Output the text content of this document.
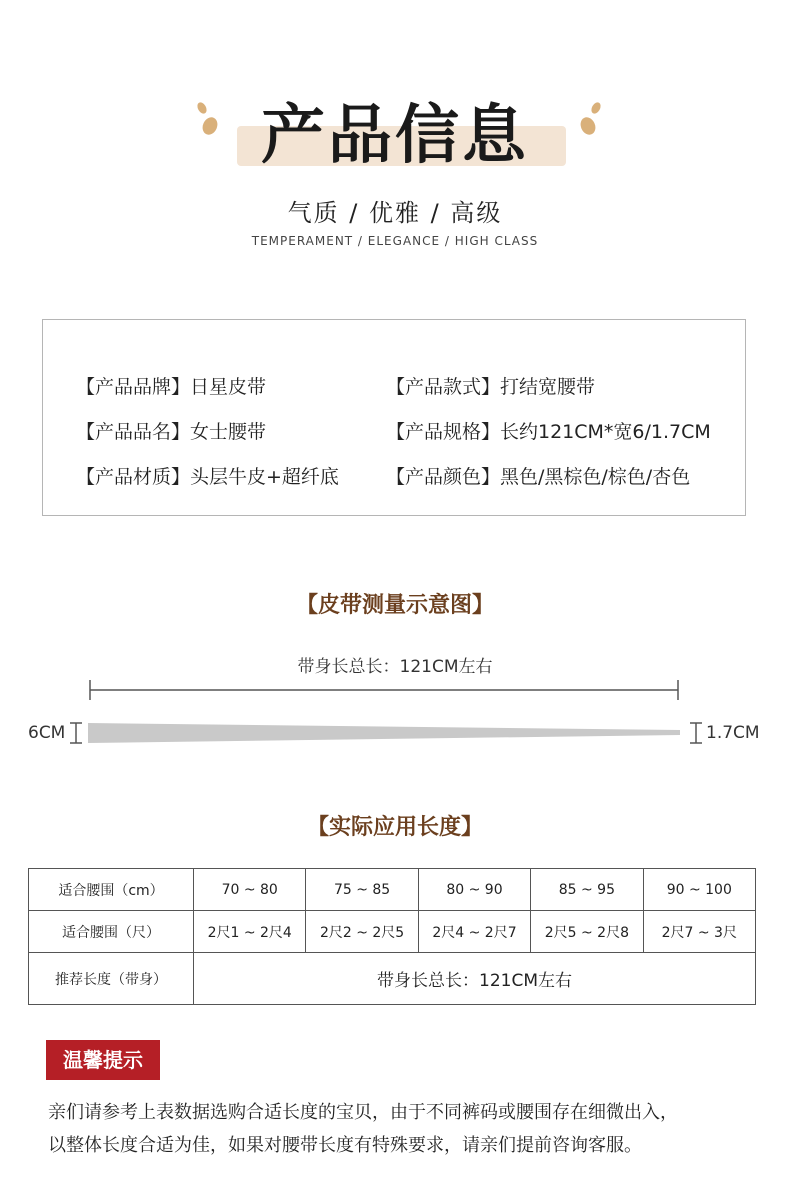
产品信息
气质 / 优雅 / 高级
TEMPERAMENT / ELEGANCE / HIGH CLASS
【产品品牌】日星皮带	【产品款式】打结宽腰带
【产品品名】女士腰带	【产品规格】长约121CM*宽6/1.7CM
【产品材质】头层牛皮+超纤底 【产品颜色】黑色/黑棕色/棕色/杏色
【皮带测量示意图】
带身长总长：121CM左右
6CM	1.7CM
【实际应用长度】
适合腰围（cm）	70 ~ 80	75 ~ 85	80 ~ 90	85 ~ 95	90 ~ 100
适合腰围（尺）	2尺1 ~ 2尺4	2尺2 ~ 2尺5	2尺4 ~ 2尺7	2尺5 ~ 2尺8	2尺7 ~ 3尺
推荐长度（带身）	带身长总长：121CM左右				
温馨提示
亲们请参考上表数据选购合适长度的宝贝，由于不同裤码或腰围存在细微出入，
以整体长度合适为佳，如果对腰带长度有特殊要求，请亲们提前咨询客服。
